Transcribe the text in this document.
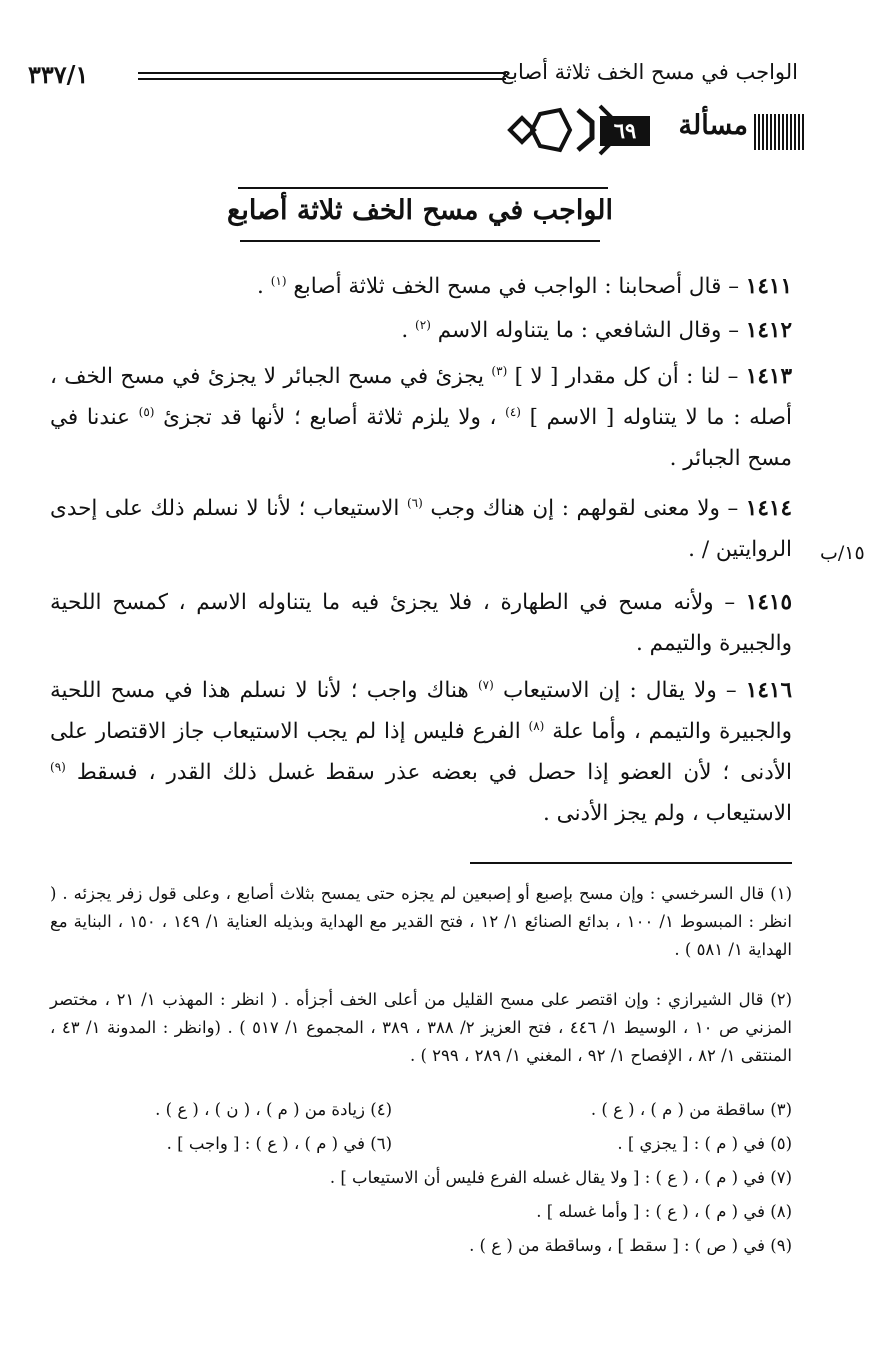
٣٣٧/١	الواجب في مسح الخف ثلاثة أصابع
٦٩	مسألة
الواجب في مسح الخف ثلاثة أصابع

١٤١١ – قال أصحابنا : الواجب في مسح الخف ثلاثة أصابع $^{(١)}$ .

١٤١٢ – وقال الشافعي : ما يتناوله الاسم $^{(٢)}$ .

١٤١٣ – لنا : أن كل مقدار [ لا ] $^{(٣)}$ يجزئ في مسح الجبائر لا يجزئ في مسح الخف ، أصله : ما لا يتناوله [ الاسم ] $^{(٤)}$ ، ولا يلزم ثلاثة أصابع ؛ لأنها قد تجزئ $^{(٥)}$ عندنا في مسح الجبائر .

١٤١٤ – ولا معنى لقولهم : إن هناك وجب $^{(٦)}$ الاستيعاب ؛ لأنا لا نسلم ذلك على إحدى الروايتين / . ١٥/ب

١٤١٥ – ولأنه مسح في الطهارة ، فلا يجزئ فيه ما يتناوله الاسم ، كمسح اللحية والجبيرة والتيمم .

١٤١٦ – ولا يقال : إن الاستيعاب $^{(٧)}$ هناك واجب ؛ لأنا لا نسلم هذا في مسح اللحية والجبيرة والتيمم ، وأما علة $^{(٨)}$ الفرع فليس إذا لم يجب الاستيعاب جاز الاقتصار على الأدنى ؛ لأن العضو إذا حصل في بعضه عذر سقط غسل ذلك القدر ، فسقط $^{(٩)}$ الاستيعاب ، ولم يجز الأدنى .

(١) قال السرخسي : وإن مسح بإصبع أو إصبعين لم يجزه حتى يمسح بثلاث أصابع ، وعلى قول زفر يجزئه . ( انظر : المبسوط ١/ ١٠٠ ، بدائع الصنائع ١/ ١٢ ، فتح القدير مع الهداية وبذيله العناية ١/ ١٤٩ ، ١٥٠ ، البناية مع الهداية ١/ ٥٨١ ) .

(٢) قال الشيرازي : وإن اقتصر على مسح القليل من أعلى الخف أجزأه . ( انظر : المهذب ١/ ٢١ ، مختصر المزني ص ١٠ ، الوسيط ١/ ٤٤٦ ، فتح العزيز ٢/ ٣٨٨ ، ٣٨٩ ، المجموع ١/ ٥١٧ ) . (وانظر : المدونة ١/ ٤٣ ، المنتقى ١/ ٨٢ ، الإفصاح ١/ ٩٢ ، المغني ١/ ٢٨٩ ، ٢٩٩ ) .

(٣) ساقطة من ( م ) ، ( ع ) .
(٤) زيادة من ( م ) ، ( ن ) ، ( ع ) .
(٥) في ( م ) : [ يجزي ] .
(٦) في ( م ) ، ( ع ) : [ واجب ] .
(٧) في ( م ) ، ( ع ) : [ ولا يقال غسله الفرع فليس أن الاستيعاب ] .
(٨) في ( م ) ، ( ع ) : [ وأما غسله ] .
(٩) في ( ص ) : [ سقط ] ، وساقطة من ( ع ) .
